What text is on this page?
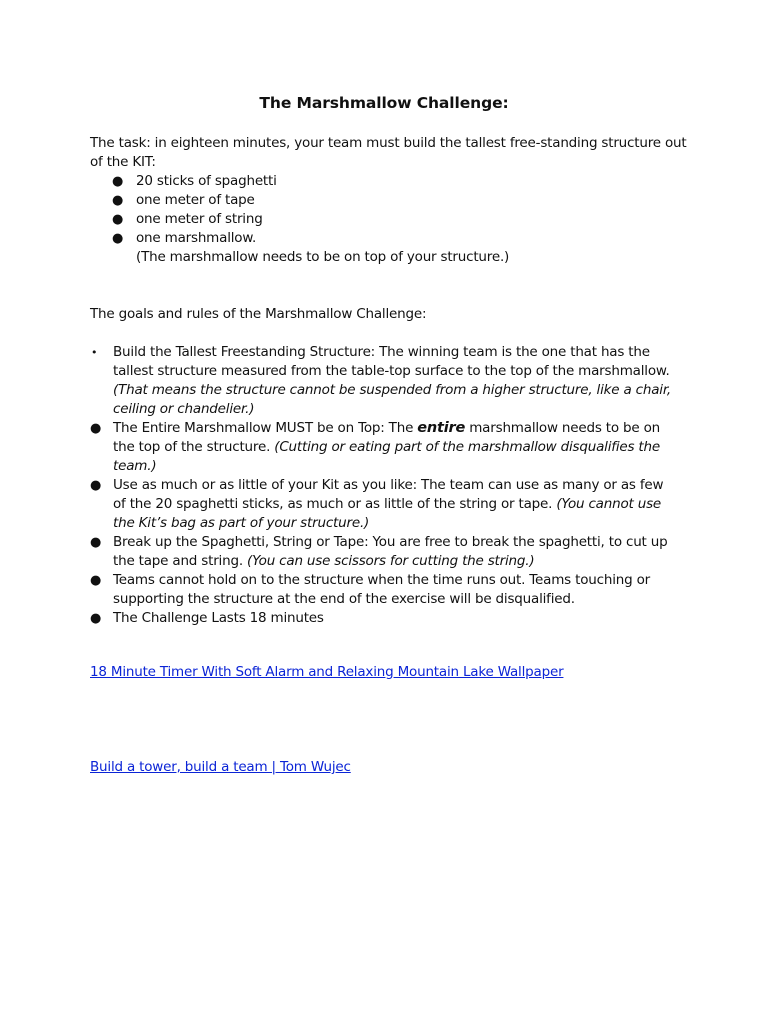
The Marshmallow Challenge:
The task: in eighteen minutes, your team must build the tallest free-standing structure out of the KIT:
● 20 sticks of spaghetti
● one meter of tape
● one meter of string
● one marshmallow.
(The marshmallow needs to be on top of your structure.)
The goals and rules of the Marshmallow Challenge:
• Build the Tallest Freestanding Structure: The winning team is the one that has the tallest structure measured from the table-top surface to the top of the marshmallow. (That means the structure cannot be suspended from a higher structure, like a chair, ceiling or chandelier.)
● The Entire Marshmallow MUST be on Top: The entire marshmallow needs to be on the top of the structure. (Cutting or eating part of the marshmallow disqualifies the team.)
● Use as much or as little of your Kit as you like: The team can use as many or as few of the 20 spaghetti sticks, as much or as little of the string or tape. (You cannot use the Kit’s bag as part of your structure.)
● Break up the Spaghetti, String or Tape: You are free to break the spaghetti, to cut up the tape and string. (You can use scissors for cutting the string.)
● Teams cannot hold on to the structure when the time runs out. Teams touching or supporting the structure at the end of the exercise will be disqualified.
● The Challenge Lasts 18 minutes
18 Minute Timer With Soft Alarm and Relaxing Mountain Lake Wallpaper
Build a tower, build a team | Tom Wujec
